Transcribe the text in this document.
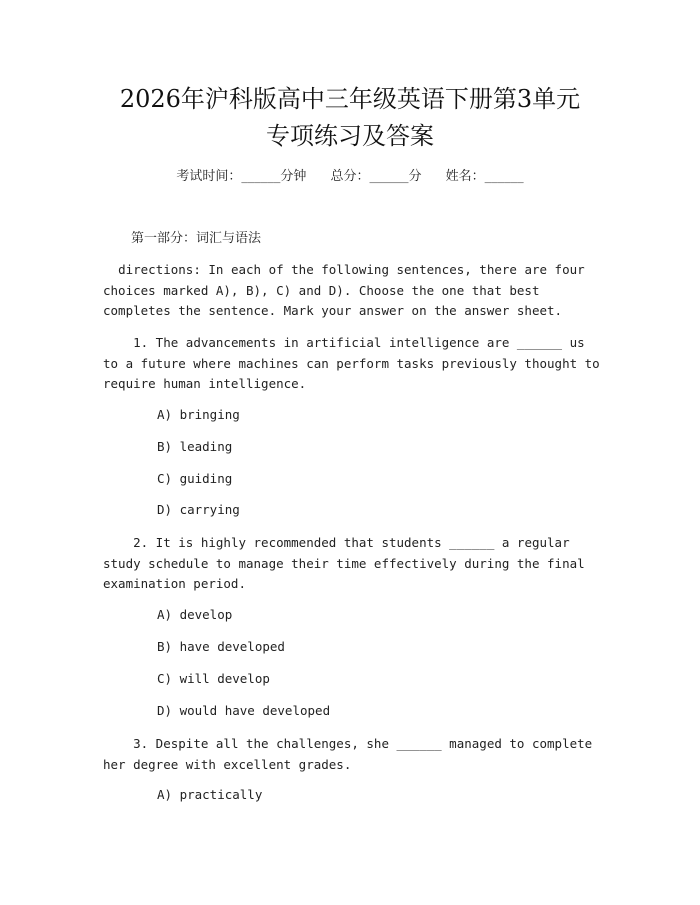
2026年沪科版高中三年级英语下册第3单元
专项练习及答案
考试时间：______分钟 总分：______分 姓名：______
第一部分：词汇与语法
directions: In each of the following sentences, there are four choices marked A), B), C) and D). Choose the one that best completes the sentence. Mark your answer on the answer sheet.
1. The advancements in artificial intelligence are ______ us to a future where machines can perform tasks previously thought to require human intelligence.
A) bringing
B) leading
C) guiding
D) carrying
2. It is highly recommended that students ______ a regular study schedule to manage their time effectively during the final examination period.
A) develop
B) have developed
C) will develop
D) would have developed
3. Despite all the challenges, she ______ managed to complete her degree with excellent grades.
A) practically
